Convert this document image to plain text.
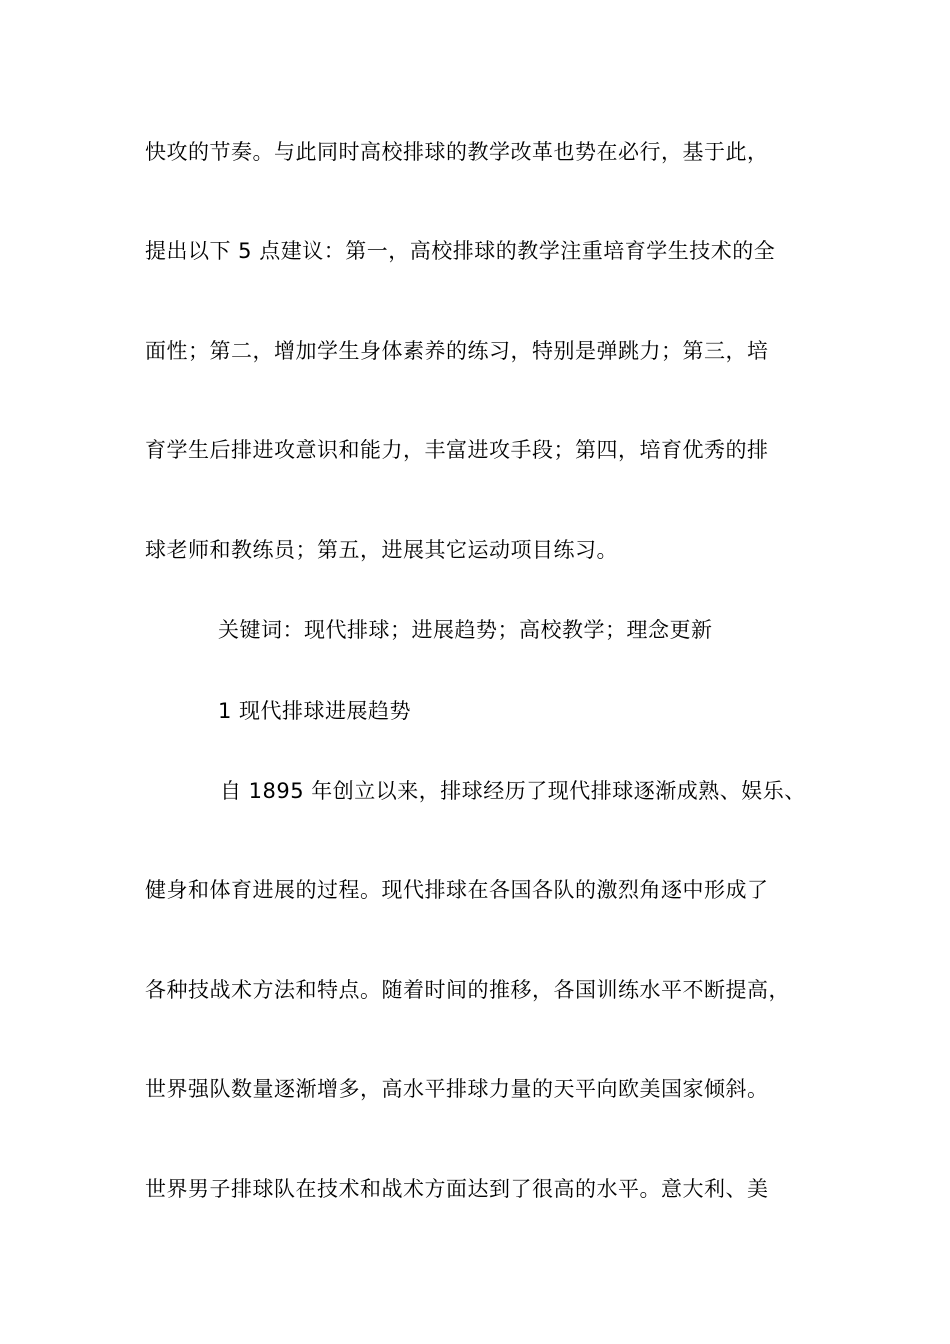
快攻的节奏。与此同时高校排球的教学改革也势在必行，基于此，
提出以下 5 点建议：第一，高校排球的教学注重培育学生技术的全
面性；第二，增加学生身体素养的练习，特别是弹跳力；第三，培
育学生后排进攻意识和能力，丰富进攻手段；第四，培育优秀的排
球老师和教练员；第五，进展其它运动项目练习。
关键词：现代排球；进展趋势；高校教学；理念更新
1 现代排球进展趋势
自 1895 年创立以来，排球经历了现代排球逐渐成熟、娱乐、
健身和体育进展的过程。现代排球在各国各队的激烈角逐中形成了
各种技战术方法和特点。随着时间的推移，各国训练水平不断提高，
世界强队数量逐渐增多，高水平排球力量的天平向欧美国家倾斜。
世界男子排球队在技术和战术方面达到了很高的水平。意大利、美
